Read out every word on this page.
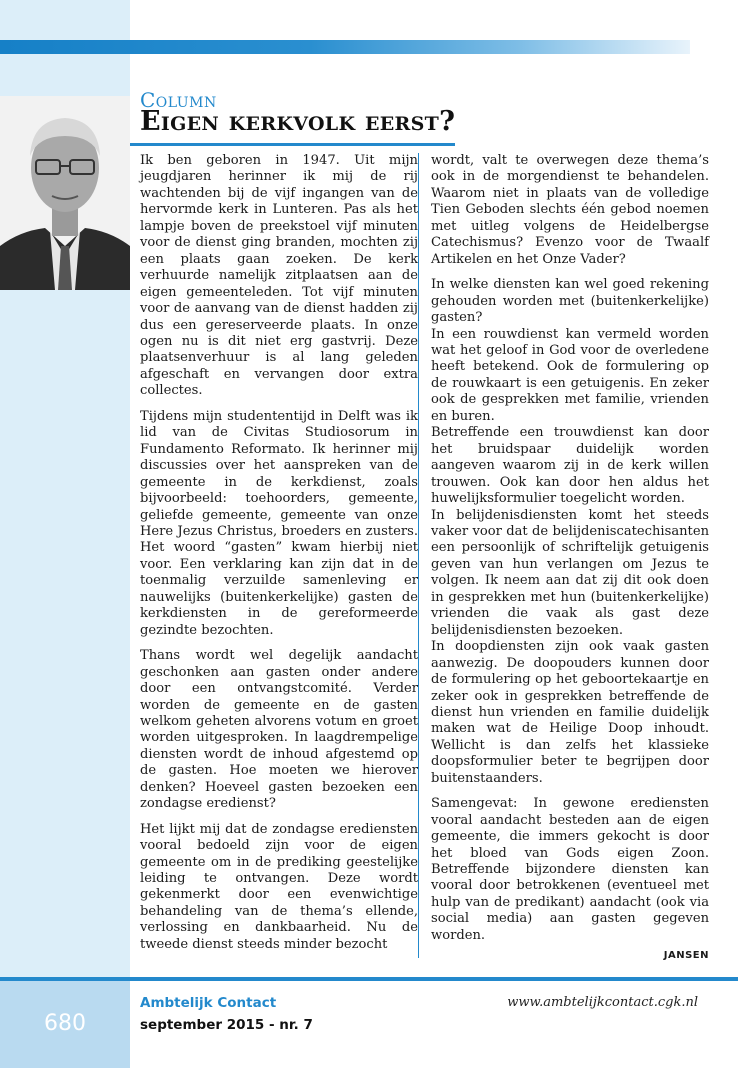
Column
Eigen kerkvolk eerst?

Ik ben geboren in 1947. Uit mijn jeugdjaren herinner ik mij de rij wachtenden bij de vijf ingangen van de hervormde kerk in Lunteren. Pas als het lampje boven de preekstoel vijf minuten voor de dienst ging branden, mochten zij een plaats gaan zoeken. De kerk verhuurde namelijk zitplaatsen aan de eigen gemeenteleden. Tot vijf minuten voor de aanvang van de dienst hadden zij dus een gereserveerde plaats. In onze ogen nu is dit niet erg gastvrij. Deze plaatsenverhuur is al lang geleden afgeschaft en vervangen door extra collectes.

Tijdens mijn studententijd in Delft was ik lid van de Civitas Studiosorum in Fundamento Reformato. Ik herinner mij discussies over het aanspreken van de gemeente in de kerkdienst, zoals bijvoorbeeld: toehoorders, gemeente, geliefde gemeente, gemeente van onze Here Jezus Christus, broeders en zusters. Het woord “gasten” kwam hierbij niet voor. Een verklaring kan zijn dat in de toenmalig verzuilde samenleving er nauwelijks (buitenkerkelijke) gasten de kerkdiensten in de gereformeerde gezindte bezochten.

Thans wordt wel degelijk aandacht geschonken aan gasten onder andere door een ontvangstcomité. Verder worden de gemeente en de gasten welkom geheten alvorens votum en groet worden uitgesproken. In laagdrempelige diensten wordt de inhoud afgestemd op de gasten. Hoe moeten we hierover denken? Hoeveel gasten bezoeken een zondagse eredienst?

Het lijkt mij dat de zondagse erediensten vooral bedoeld zijn voor de eigen gemeente om in de prediking geestelijke leiding te ontvangen. Deze wordt gekenmerkt door een evenwichtige behandeling van de thema’s ellende, verlossing en dankbaarheid. Nu de tweede dienst steeds minder bezocht

wordt, valt te overwegen deze thema’s ook in de morgendienst te behandelen. Waarom niet in plaats van de volledige Tien Geboden slechts één gebod noemen met uitleg volgens de Heidelbergse Catechismus? Evenzo voor de Twaalf Artikelen en het Onze Vader?

In welke diensten kan wel goed rekening gehouden worden met (buitenkerkelijke) gasten?

In een rouwdienst kan vermeld worden wat het geloof in God voor de overledene heeft betekend. Ook de formulering op de rouwkaart is een getuigenis. En zeker ook de gesprekken met familie, vrienden en buren.

Betreffende een trouwdienst kan door het bruidspaar duidelijk worden aangeven waarom zij in de kerk willen trouwen. Ook kan door hen aldus het huwelijksformulier toegelicht worden.

In belijdenisdiensten komt het steeds vaker voor dat de belijdeniscatechisanten een persoonlijk of schriftelijk getuigenis geven van hun verlangen om Jezus te volgen. Ik neem aan dat zij dit ook doen in gesprekken met hun (buitenkerkelijke) vrienden die vaak als gast deze belijdenisdiensten bezoeken.

In doopdiensten zijn ook vaak gasten aanwezig. De doopouders kunnen door de formulering op het geboortekaartje en zeker ook in gesprekken betreffende de dienst hun vrienden en familie duidelijk maken wat de Heilige Doop inhoudt. Wellicht is dan zelfs het klassieke doopsformulier beter te begrijpen door buitenstaanders.

Samengevat: In gewone erediensten vooral aandacht besteden aan de eigen gemeente, die immers gekocht is door het bloed van Gods eigen Zoon. Betreffende bijzondere diensten kan vooral door betrokkenen (eventueel met hulp van de predikant) aandacht (ook via social media) aan gasten gegeven worden.

JANSEN
680
Ambtelijk Contact
september 2015 - nr. 7
www.ambtelijkcontact.cgk.nl
